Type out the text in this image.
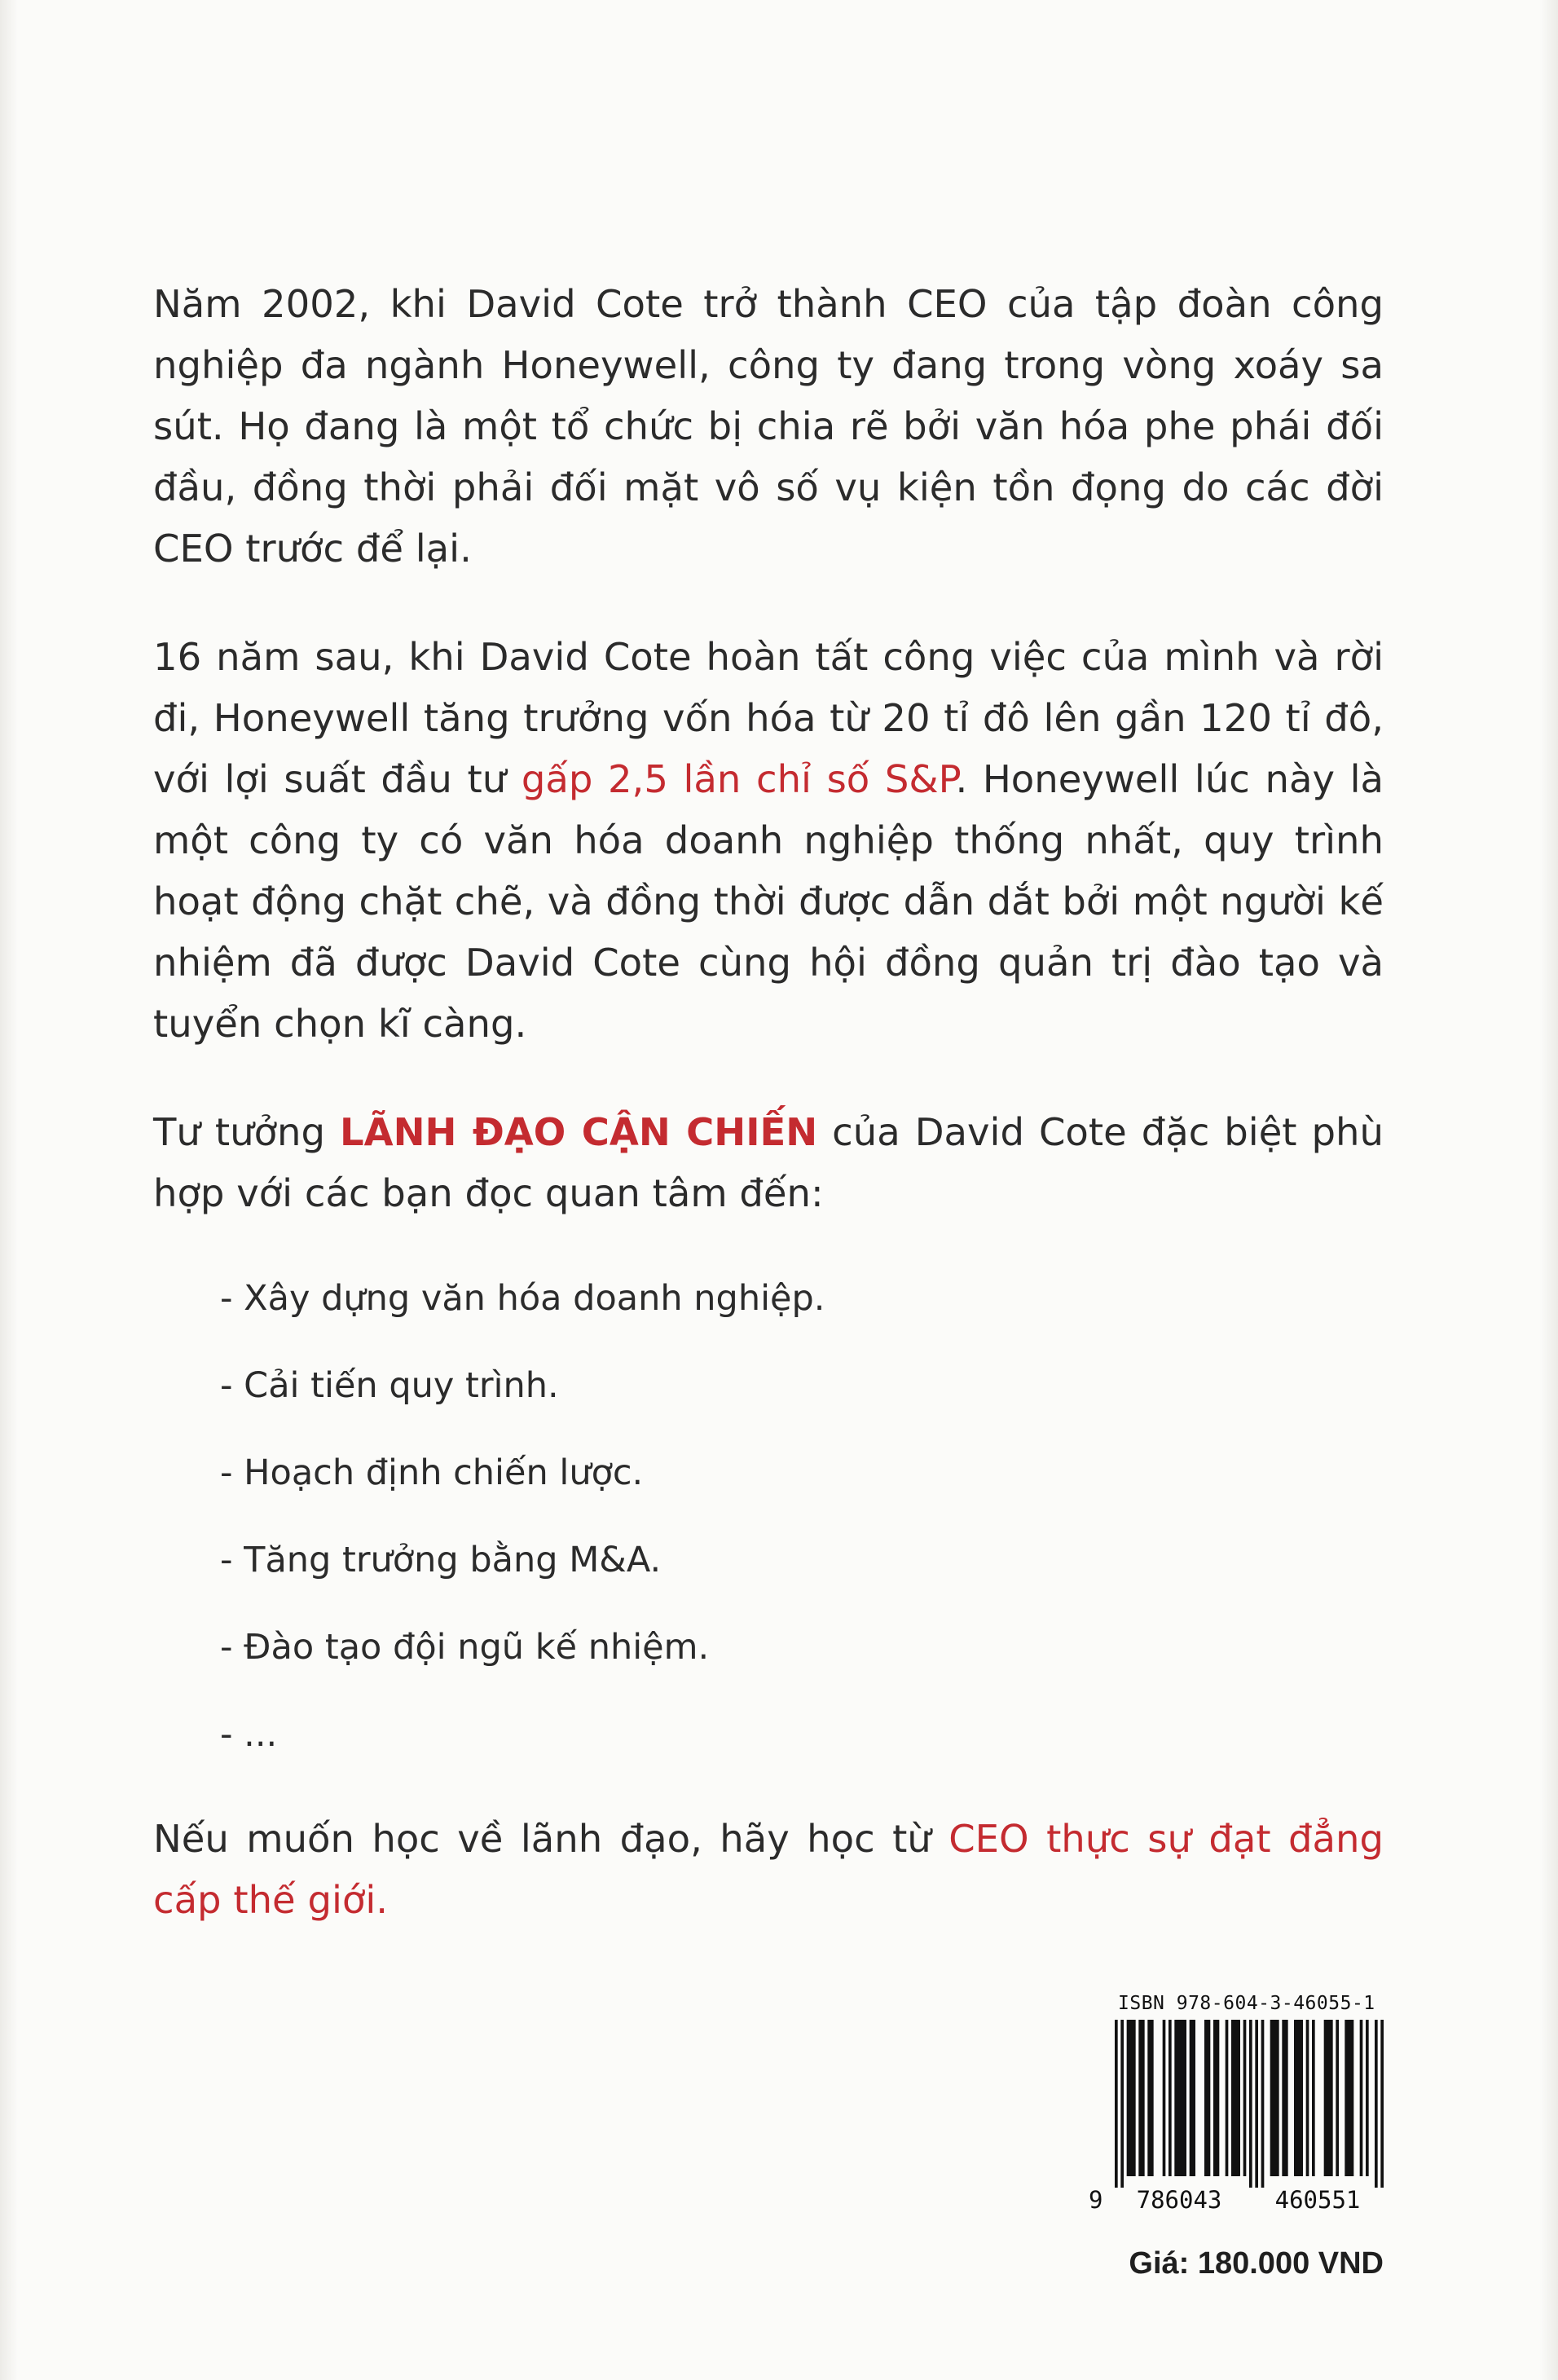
Năm 2002, khi David Cote trở thành CEO của tập đoàn công nghiệp đa ngành Honeywell, công ty đang trong vòng xoáy sa sút. Họ đang là một tổ chức bị chia rẽ bởi văn hóa phe phái đối đầu, đồng thời phải đối mặt vô số vụ kiện tồn đọng do các đời CEO trước để lại.

16 năm sau, khi David Cote hoàn tất công việc của mình và rời đi, Honeywell tăng trưởng vốn hóa từ 20 tỉ đô lên gần 120 tỉ đô, với lợi suất đầu tư gấp 2,5 lần chỉ số S&P. Honeywell lúc này là một công ty có văn hóa doanh nghiệp thống nhất, quy trình hoạt động chặt chẽ, và đồng thời được dẫn dắt bởi một người kế nhiệm đã được David Cote cùng hội đồng quản trị đào tạo và tuyển chọn kĩ càng.

Tư tưởng LÃNH ĐẠO CẬN CHIẾN của David Cote đặc biệt phù hợp với các bạn đọc quan tâm đến:

- Xây dựng văn hóa doanh nghiệp.
- Cải tiến quy trình.
- Hoạch định chiến lược.
- Tăng trưởng bằng M&A.
- Đào tạo đội ngũ kế nhiệm.
- ...

Nếu muốn học về lãnh đạo, hãy học từ CEO thực sự đạt đẳng cấp thế giới.

ISBN 978-604-3-46055-1
9 786043 460551
Giá: 180.000 VND
